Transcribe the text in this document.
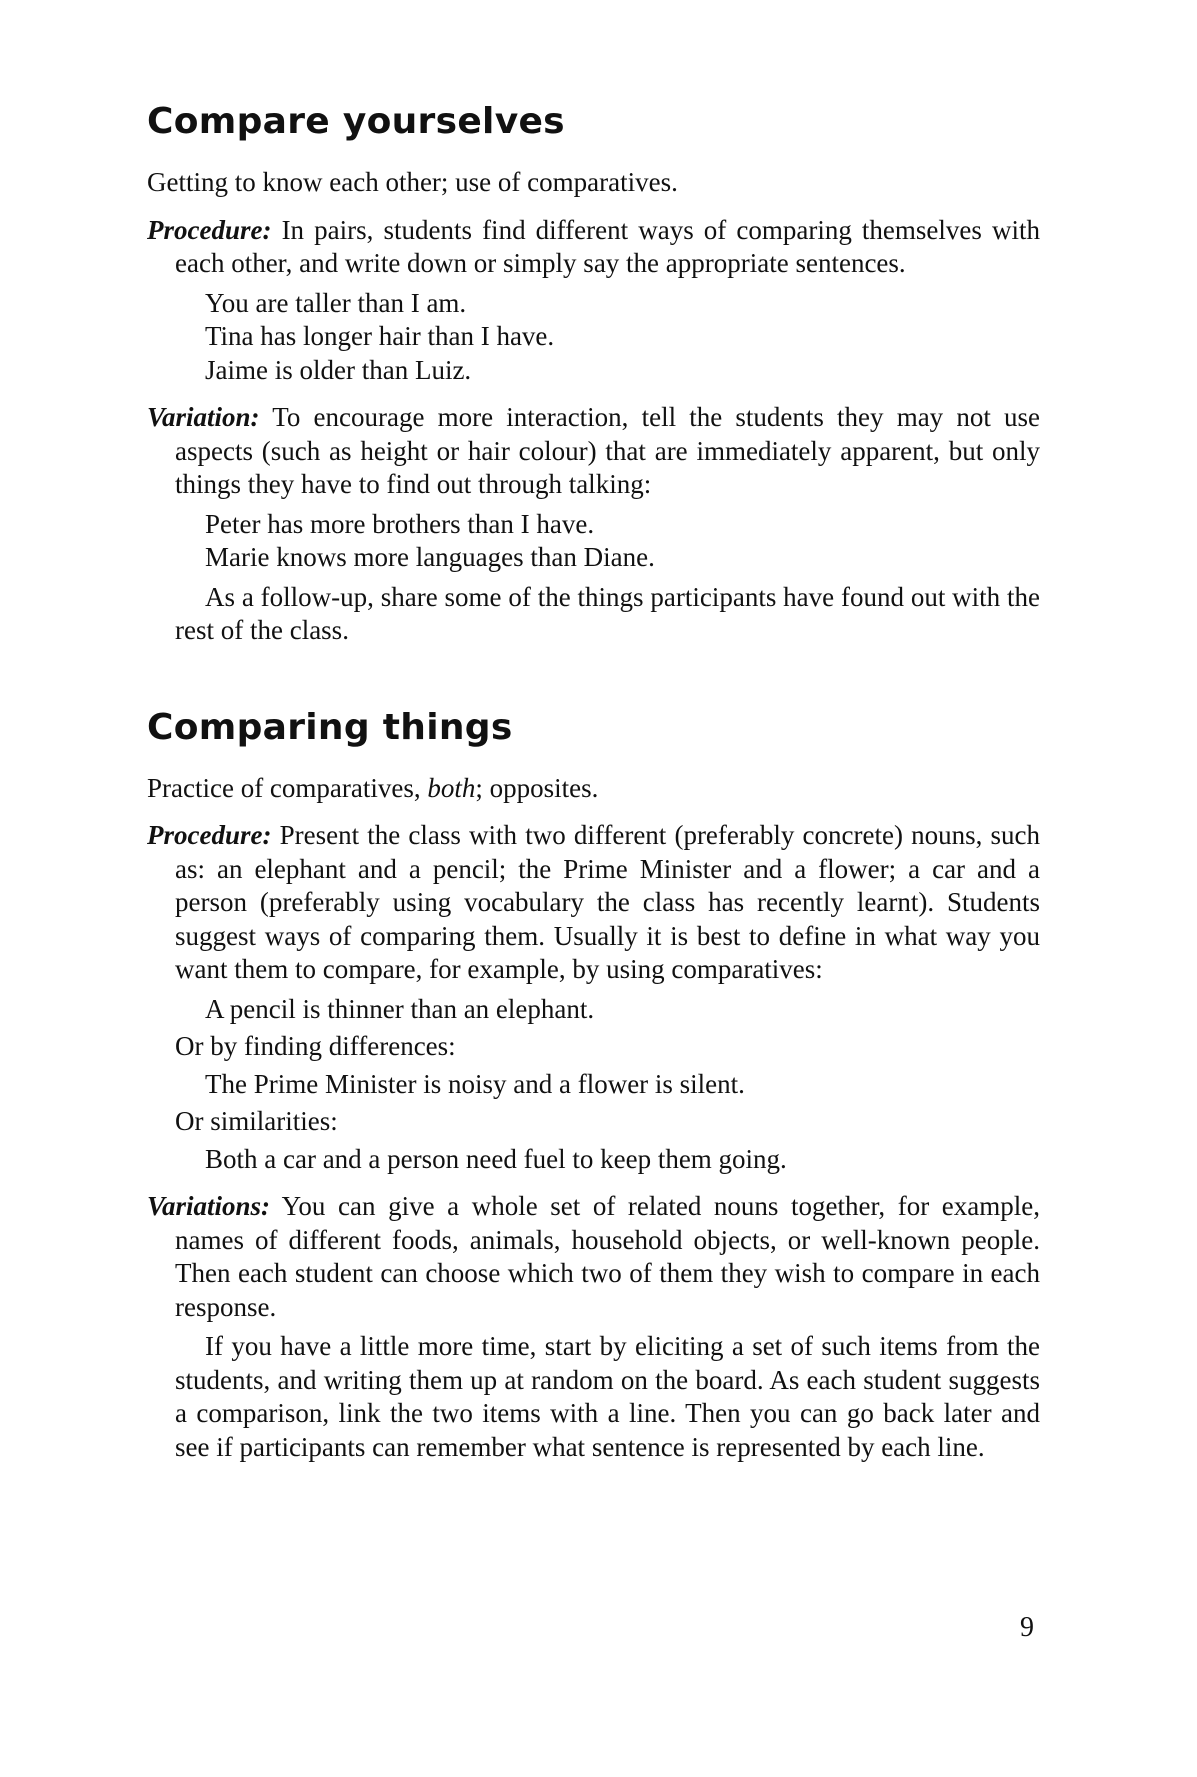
Compare yourselves

Getting to know each other; use of comparatives.

Procedure: In pairs, students find different ways of comparing themselves with each other, and write down or simply say the appropriate sentences.

You are taller than I am.

Tina has longer hair than I have.

Jaime is older than Luiz.

Variation: To encourage more interaction, tell the students they may not use aspects (such as height or hair colour) that are immediately apparent, but only things they have to find out through talking:

Peter has more brothers than I have.

Marie knows more languages than Diane.

As a follow-up, share some of the things participants have found out with the rest of the class.

Comparing things

Practice of comparatives, both; opposites.

Procedure: Present the class with two different (preferably concrete) nouns, such as: an elephant and a pencil; the Prime Minister and a flower; a car and a person (preferably using vocabulary the class has recently learnt). Students suggest ways of comparing them. Usually it is best to define in what way you want them to compare, for example, by using comparatives:

A pencil is thinner than an elephant.

Or by finding differences:

The Prime Minister is noisy and a flower is silent.

Or similarities:

Both a car and a person need fuel to keep them going.

Variations: You can give a whole set of related nouns together, for example, names of different foods, animals, household objects, or well-known people. Then each student can choose which two of them they wish to compare in each response.

If you have a little more time, start by eliciting a set of such items from the students, and writing them up at random on the board. As each student suggests a comparison, link the two items with a line. Then you can go back later and see if participants can remember what sentence is represented by each line.

9
